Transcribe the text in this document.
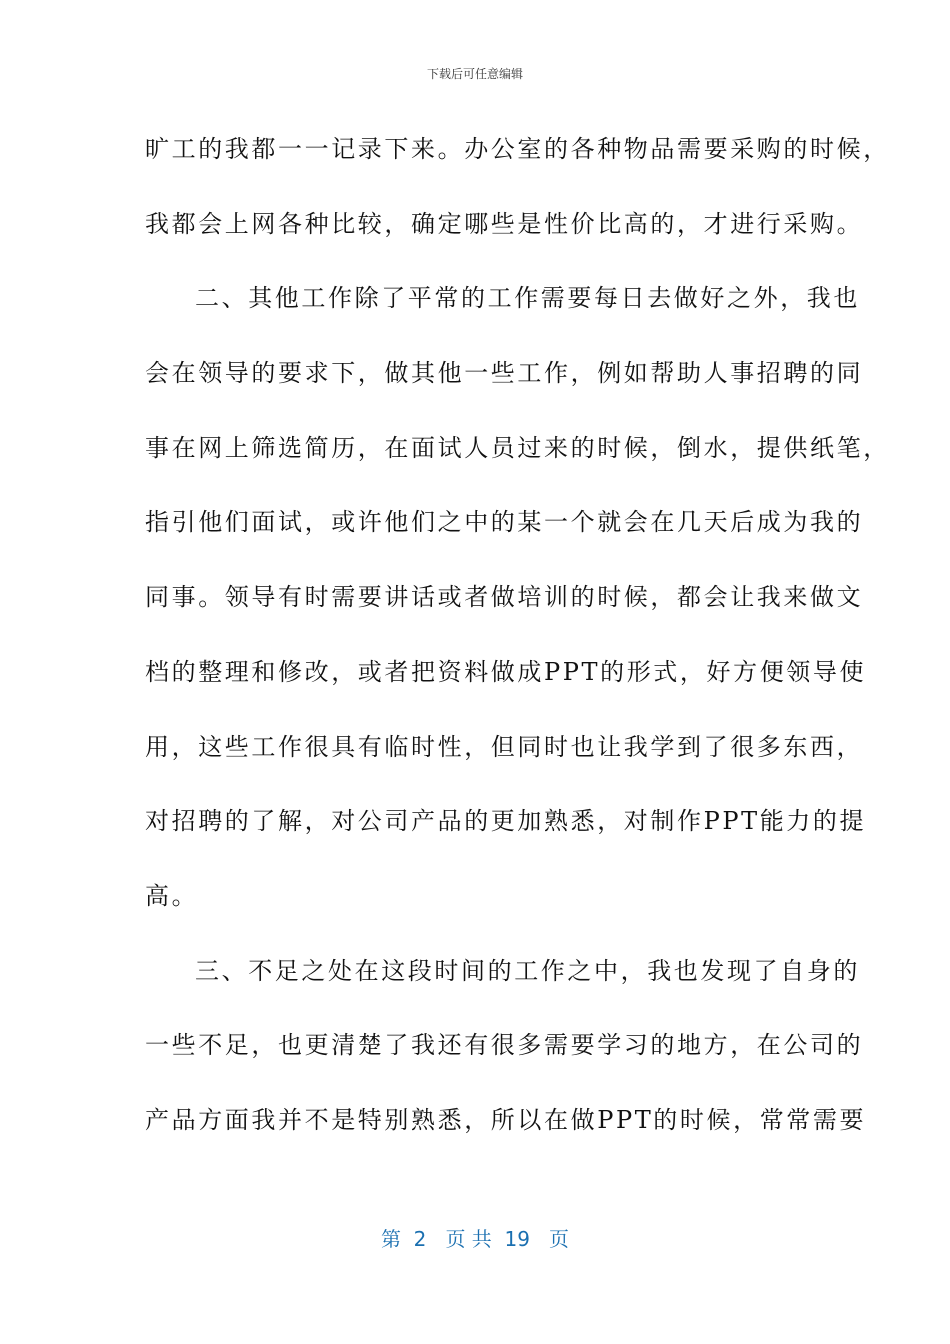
下载后可任意编辑
旷工的我都一一记录下来。办公室的各种物品需要采购的时候，
我都会上网各种比较，确定哪些是性价比高的，才进行采购。
二、其他工作除了平常的工作需要每日去做好之外，我也
会在领导的要求下，做其他一些工作，例如帮助人事招聘的同
事在网上筛选简历，在面试人员过来的时候，倒水，提供纸笔，
指引他们面试，或许他们之中的某一个就会在几天后成为我的
同事。领导有时需要讲话或者做培训的时候，都会让我来做文
档的整理和修改，或者把资料做成PPT的形式，好方便领导使
用，这些工作很具有临时性，但同时也让我学到了很多东西，
对招聘的了解，对公司产品的更加熟悉，对制作PPT能力的提
高。
三、不足之处在这段时间的工作之中，我也发现了自身的
一些不足，也更清楚了我还有很多需要学习的地方，在公司的
产品方面我并不是特别熟悉，所以在做PPT的时候，常常需要
第  2   页 共  19   页
